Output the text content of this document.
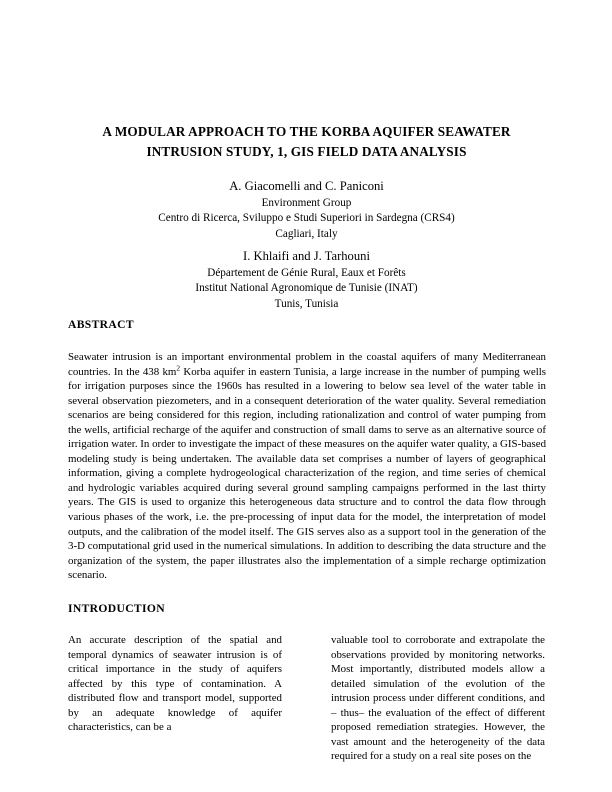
A MODULAR APPROACH TO THE KORBA AQUIFER SEAWATER
INTRUSION STUDY, 1, GIS FIELD DATA ANALYSIS
A. Giacomelli and C. Paniconi
Environment Group
Centro di Ricerca, Sviluppo e Studi Superiori in Sardegna (CRS4)
Cagliari, Italy
I. Khlaifi and J. Tarhouni
Département de Génie Rural, Eaux et Forêts
Institut National Agronomique de Tunisie (INAT)
Tunis, Tunisia
ABSTRACT

Seawater intrusion is an important environmental problem in the coastal aquifers of many Mediterranean countries. In the 438 $km^2$ Korba aquifer in eastern Tunisia, a large increase in the number of pumping wells for irrigation purposes since the 1960s has resulted in a lowering to below sea level of the water table in several observation piezometers, and in a consequent deterioration of the water quality. Several remediation scenarios are being considered for this region, including rationalization and control of water pumping from the wells, artificial recharge of the aquifer and construction of small dams to serve as an alternative source of irrigation water. In order to investigate the impact of these measures on the aquifer water quality, a GIS-based modeling study is being undertaken. The available data set comprises a number of layers of geographical information, giving a complete hydrogeological characterization of the region, and time series of chemical and hydrologic variables acquired during several ground sampling campaigns performed in the last thirty years. The GIS is used to organize this heterogeneous data structure and to control the data flow through various phases of the work, i.e. the pre-processing of input data for the model, the interpretation of model outputs, and the calibration of the model itself. The GIS serves also as a support tool in the generation of the 3-D computational grid used in the numerical simulations. In addition to describing the data structure and the organization of the system, the paper illustrates also the implementation of a simple recharge optimization scenario.

INTRODUCTION

An accurate description of the spatial and temporal dynamics of seawater intrusion is of critical importance in the study of aquifers affected by this type of contamination. A distributed flow and transport model, supported by an adequate knowledge of aquifer characteristics, can be a

valuable tool to corroborate and extrapolate the observations provided by monitoring networks. Most importantly, distributed models allow a detailed simulation of the evolution of the intrusion process under different conditions, and – thus– the evaluation of the effect of different proposed remediation strategies. However, the vast amount and the heterogeneity of the data required for a study on a real site poses on the
